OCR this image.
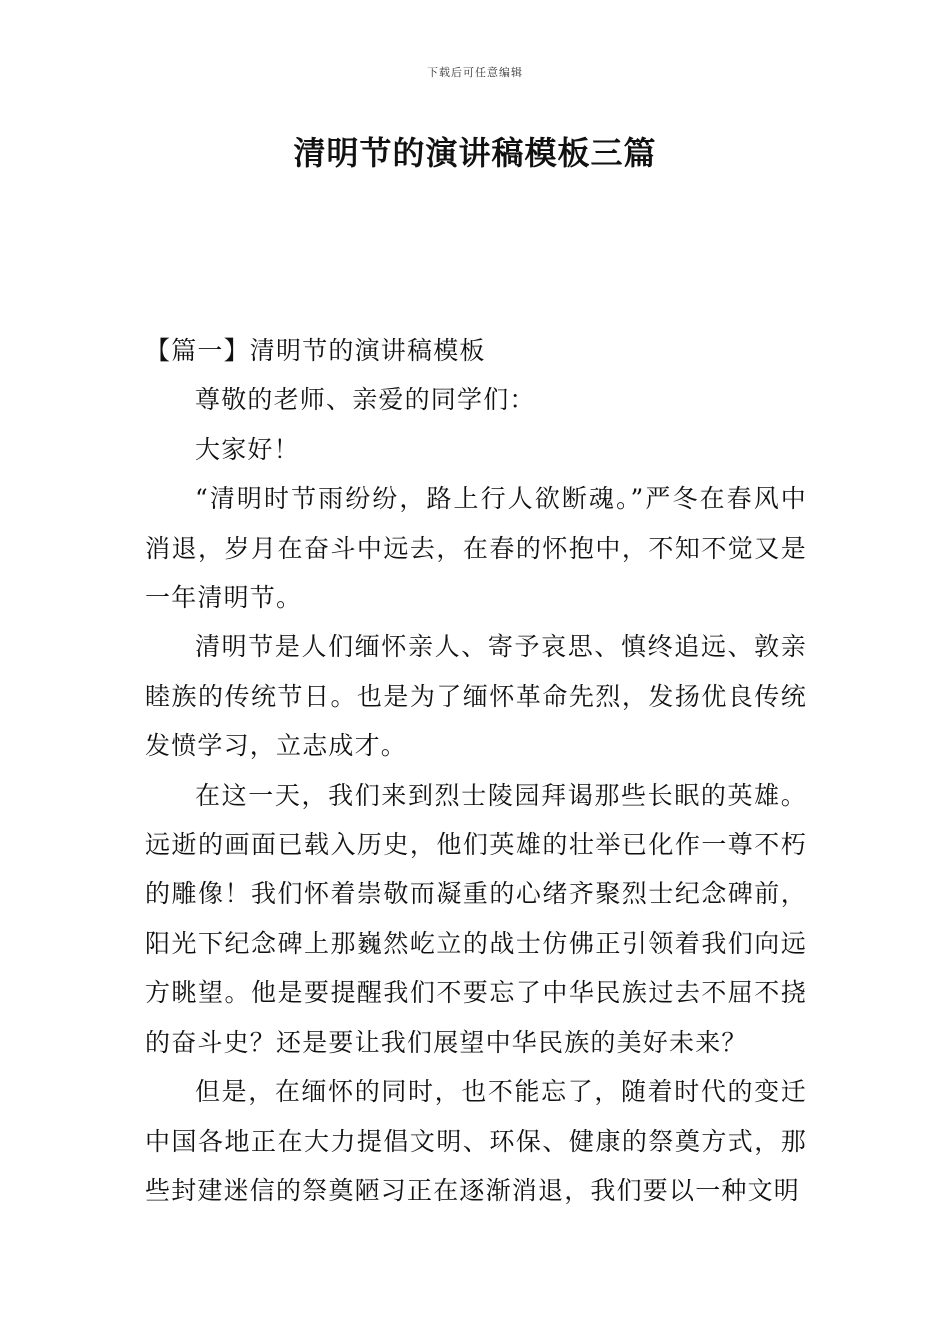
下载后可任意编辑
清明节的演讲稿模板三篇

【篇一】清明节的演讲稿模板

尊敬的老师、亲爱的同学们：

大家好！

“清明时节雨纷纷，路上行人欲断魂。”严冬在春风中消退，岁月在奋斗中远去，在春的怀抱中，不知不觉又是一年清明节。

清明节是人们缅怀亲人、寄予哀思、慎终追远、敦亲睦族的传统节日。也是为了缅怀革命先烈，发扬优良传统发愤学习，立志成才。

在这一天，我们来到烈士陵园拜谒那些长眠的英雄。远逝的画面已载入历史，他们英雄的壮举已化作一尊不朽的雕像！我们怀着崇敬而凝重的心绪齐聚烈士纪念碑前，阳光下纪念碑上那巍然屹立的战士仿佛正引领着我们向远方眺望。他是要提醒我们不要忘了中华民族过去不屈不挠的奋斗史？还是要让我们展望中华民族的美好未来？

但是，在缅怀的同时，也不能忘了，随着时代的变迁中国各地正在大力提倡文明、环保、健康的祭奠方式，那些封建迷信的祭奠陋习正在逐渐消退，我们要以一种文明
